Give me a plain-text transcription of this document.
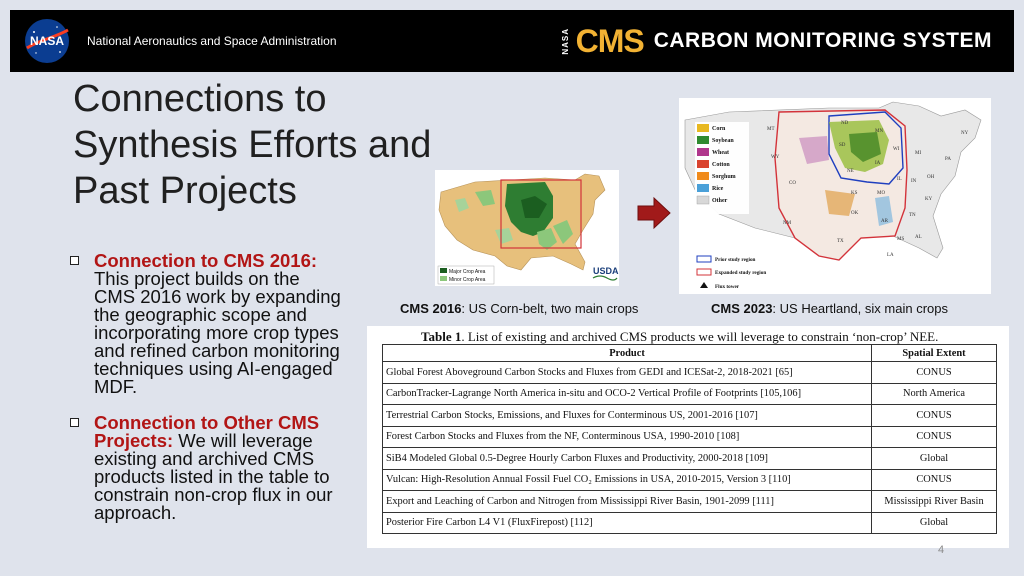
NASA National Aeronautics and Space Administration	NASA CMS CARBON MONITORING SYSTEM
Connections to
Synthesis Efforts and
Past Projects
Connection to CMS 2016: This project builds on the CMS 2016 work by expanding the geographic scope and incorporating more crop types and refined carbon monitoring techniques using AI-engaged MDF.
Connection to Other CMS Projects: We will leverage existing and archived CMS products listed in the table to constrain non-crop flux in our approach.
Major Crop Area
Minor Crop Area
USDA
MT
ND
MN
WY
SD
NE
IA
WI
MI
IL IN
OH
CO
KS	MO
KY
TN
OK
AR
NM
TX	MS AL
LA
NY
PA
Corn
Soybean
Wheat
Cotton
Sorghum
Rice
Other
Prior study region
Expanded study region
Flux tower
CMS 2016: US Corn-belt, two main crops	CMS 2023: US Heartland, six main crops
Table 1. List of existing and archived CMS products we will leverage to constrain ‘non-crop’ NEE.
Product	Spatial Extent
Global Forest Aboveground Carbon Stocks and Fluxes from GEDI and ICESat-2, 2018-2021 [65]	CONUS
CarbonTracker-Lagrange North America in-situ and OCO-2 Vertical Profile of Footprints [105,106]	North America
Terrestrial Carbon Stocks, Emissions, and Fluxes for Conterminous US, 2001-2016 [107]	CONUS
Forest Carbon Stocks and Fluxes from the NF, Conterminous USA, 1990-2010 [108]	CONUS
SiB4 Modeled Global 0.5-Degree Hourly Carbon Fluxes and Productivity, 2000-2018 [109]	Global
Vulcan: High-Resolution Annual Fossil Fuel CO₂ Emissions in USA, 2010-2015, Version 3 [110]	CONUS
Export and Leaching of Carbon and Nitrogen from Mississippi River Basin, 1901-2099 [111]	Mississippi River Basin
Posterior Fire Carbon L4 V1 (FluxFirepost) [112]	Global
4
